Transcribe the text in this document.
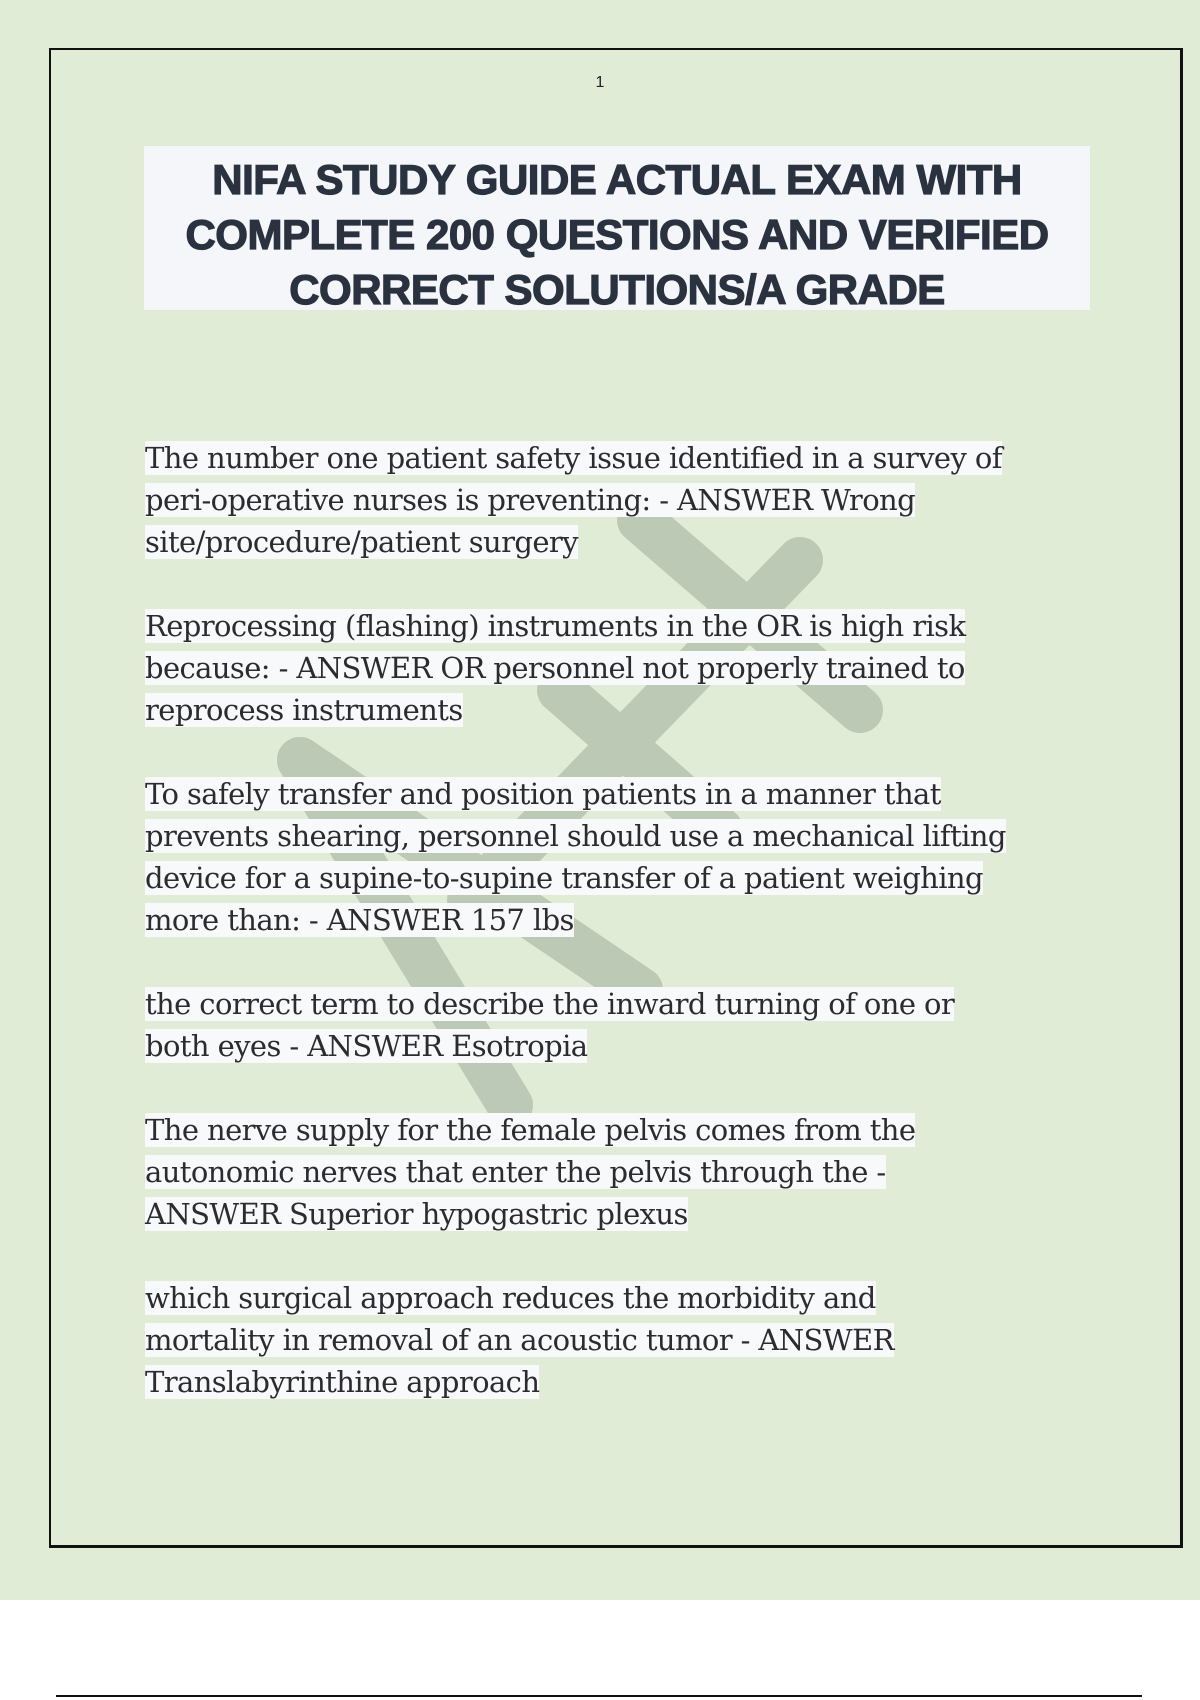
1
NIFA STUDY GUIDE ACTUAL EXAM WITH
COMPLETE 200 QUESTIONS AND VERIFIED
CORRECT SOLUTIONS/A GRADE
The number one patient safety issue identified in a survey of
peri-operative nurses is preventing: - ANSWER Wrong
site/procedure/patient surgery
Reprocessing (flashing) instruments in the OR is high risk
because: - ANSWER OR personnel not properly trained to
reprocess instruments
To safely transfer and position patients in a manner that
prevents shearing, personnel should use a mechanical lifting
device for a supine-to-supine transfer of a patient weighing
more than: - ANSWER 157 lbs
the correct term to describe the inward turning of one or
both eyes - ANSWER Esotropia
The nerve supply for the female pelvis comes from the
autonomic nerves that enter the pelvis through the -
ANSWER Superior hypogastric plexus
which surgical approach reduces the morbidity and
mortality in removal of an acoustic tumor - ANSWER
Translabyrinthine approach
